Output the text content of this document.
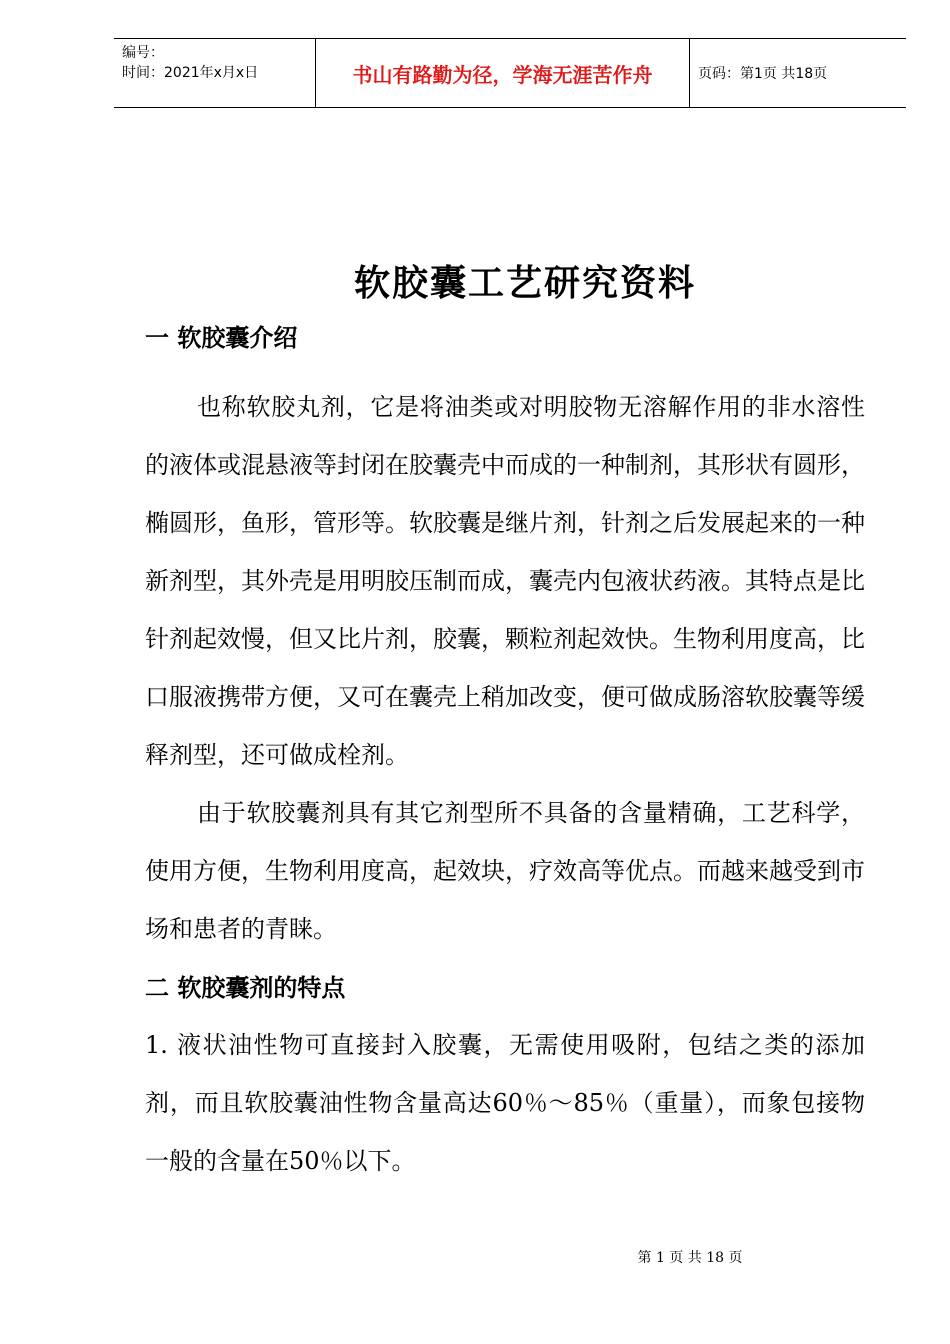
编号：
时间：2021年x月x日	书山有路勤为径，学海无涯苦作舟	页码：第1页 共18页
软胶囊工艺研究资料
一 软胶囊介绍

也称软胶丸剂，它是将油类或对明胶物无溶解作用的非水溶性的液体或混悬液等封闭在胶囊壳中而成的一种制剂，其形状有圆形，椭圆形，鱼形，管形等。软胶囊是继片剂，针剂之后发展起来的一种新剂型，其外壳是用明胶压制而成，囊壳内包液状药液。其特点是比针剂起效慢，但又比片剂，胶囊，颗粒剂起效快。生物利用度高，比口服液携带方便，又可在囊壳上稍加改变，便可做成肠溶软胶囊等缓释剂型，还可做成栓剂。

由于软胶囊剂具有其它剂型所不具备的含量精确，工艺科学，使用方便，生物利用度高，起效块，疗效高等优点。而越来越受到市场和患者的青睐。

二 软胶囊剂的特点

1. 液状油性物可直接封入胶囊，无需使用吸附，包结之类的添加剂，而且软胶囊油性物含量高达60％～85％（重量），而象包接物一般的含量在50％以下。

第 1 页 共 18 页
